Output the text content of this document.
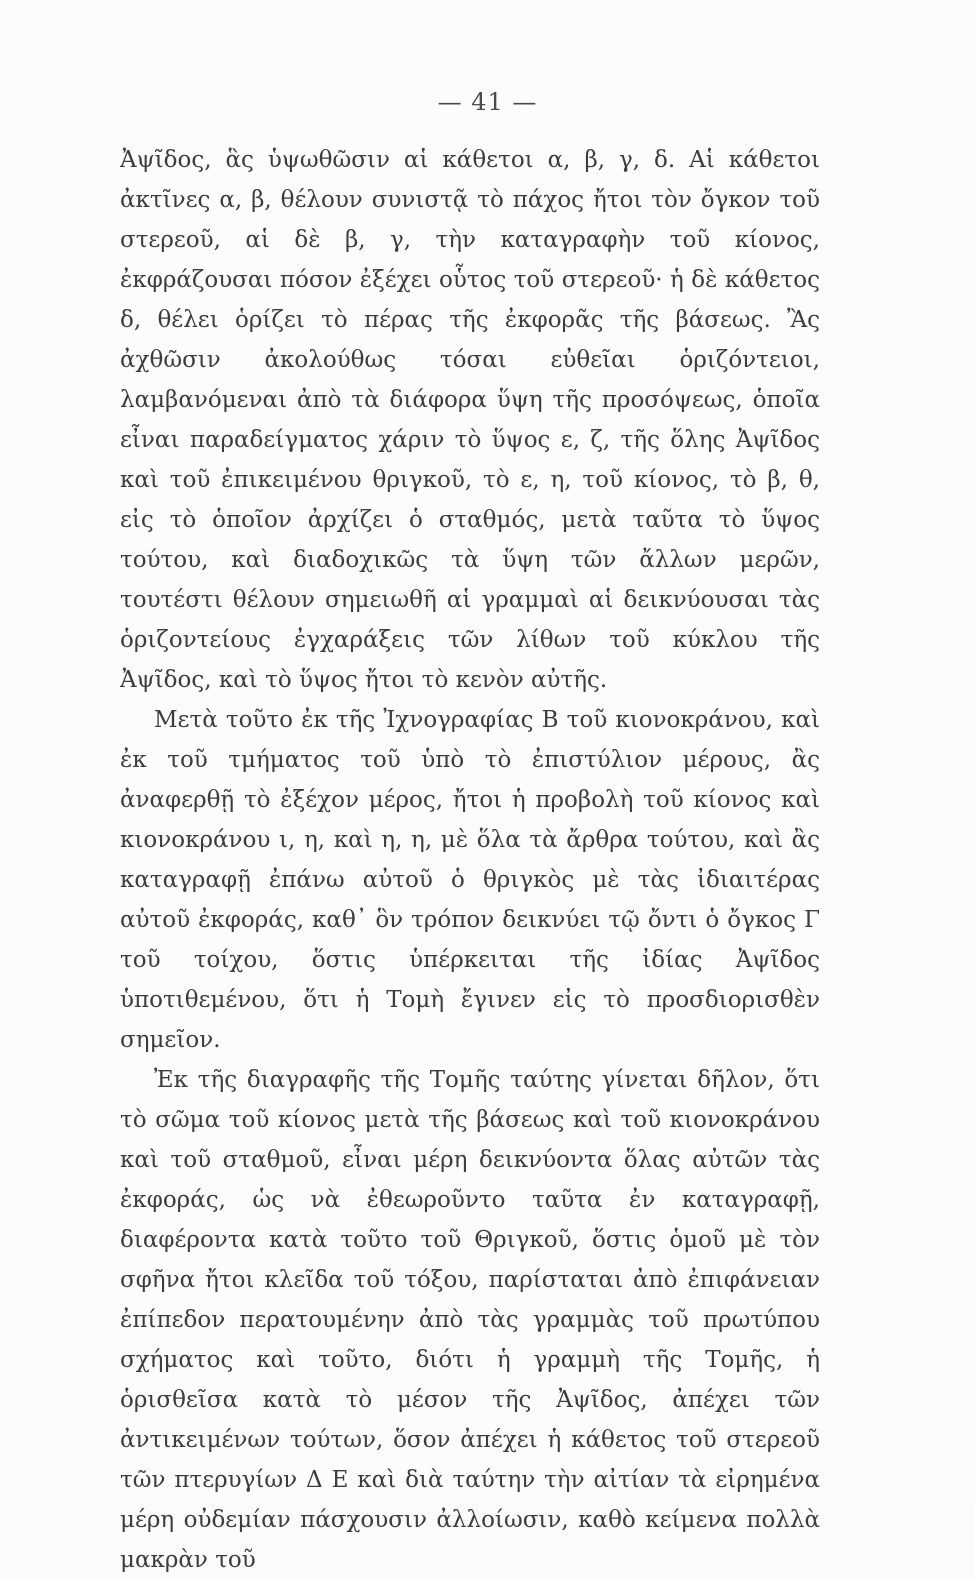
— 41 —

Ἀψῖδος, ἃς ὑψωθῶσιν αἱ κάθετοι α, β, γ, δ. Αἱ κάθετοι ἀκτῖνες α, β, θέλουν συνιστᾷ τὸ πάχος ἤτοι τὸν ὄγκον τοῦ στερεοῦ, αἱ δὲ β, γ, τὴν καταγραφὴν τοῦ κίονος, ἐκφράζουσαι πόσον ἐξέχει οὗτος τοῦ στερεοῦ· ἡ δὲ κάθετος δ, θέλει ὁρίζει τὸ πέρας τῆς ἐκφορᾶς τῆς βάσεως. Ἂς ἀχθῶσιν ἀκολούθως τόσαι εὐθεῖαι ὁριζόντειοι, λαμβανόμεναι ἀπὸ τὰ διάφορα ὕψη τῆς προσόψεως, ὁποῖα εἶναι παραδείγματος χάριν τὸ ὕψος ε, ζ, τῆς ὅλης Ἀψῖδος καὶ τοῦ ἐπικειμένου θριγκοῦ, τὸ ε, η, τοῦ κίονος, τὸ β, θ, εἰς τὸ ὁποῖον ἀρχίζει ὁ σταθμός, μετὰ ταῦτα τὸ ὕψος τούτου, καὶ διαδοχικῶς τὰ ὕψη τῶν ἄλλων μερῶν, τουτέστι θέλουν σημειωθῆ αἱ γραμμαὶ αἱ δεικνύουσαι τὰς ὁριζοντείους ἐγχαράξεις τῶν λίθων τοῦ κύκλου τῆς Ἀψῖδος, καὶ τὸ ὕψος ἤτοι τὸ κενὸν αὐτῆς.

Μετὰ τοῦτο ἐκ τῆς Ἰχνογραφίας Β τοῦ κιονοκράνου, καὶ ἐκ τοῦ τμήματος τοῦ ὑπὸ τὸ ἐπιστύλιον μέρους, ἂς ἀναφερθῇ τὸ ἐξέχον μέρος, ἤτοι ἡ προβολὴ τοῦ κίονος καὶ κιονοκράνου ι, η, καὶ η, η, μὲ ὅλα τὰ ἄρθρα τούτου, καὶ ἂς καταγραφῇ ἐπάνω αὐτοῦ ὁ θριγκὸς μὲ τὰς ἰδιαιτέρας αὐτοῦ ἐκφοράς, καθ᾽ ὃν τρόπον δεικνύει τῷ ὄντι ὁ ὄγκος Γ τοῦ τοίχου, ὅστις ὑπέρκειται τῆς ἰδίας Ἀψῖδος ὑποτιθεμένου, ὅτι ἡ Τομὴ ἔγινεν εἰς τὸ προσδιορισθὲν σημεῖον.

Ἐκ τῆς διαγραφῆς τῆς Τομῆς ταύτης γίνεται δῆλον, ὅτι τὸ σῶμα τοῦ κίονος μετὰ τῆς βάσεως καὶ τοῦ κιονοκράνου καὶ τοῦ σταθμοῦ, εἶναι μέρη δεικνύοντα ὅλας αὐτῶν τὰς ἐκφοράς, ὡς νὰ ἐθεωροῦντο ταῦτα ἐν καταγραφῇ, διαφέροντα κατὰ τοῦτο τοῦ Θριγκοῦ, ὅστις ὁμοῦ μὲ τὸν σφῆνα ἤτοι κλεῖδα τοῦ τόξου, παρίσταται ἀπὸ ἐπιφάνειαν ἐπίπεδον περατουμένην ἀπὸ τὰς γραμμὰς τοῦ πρωτύπου σχήματος καὶ τοῦτο, διότι ἡ γραμμὴ τῆς Τομῆς, ἡ ὁρισθεῖσα κατὰ τὸ μέσον τῆς Ἀψῖδος, ἀπέχει τῶν ἀντικειμένων τούτων, ὅσον ἀπέχει ἡ κάθετος τοῦ στερεοῦ τῶν πτερυγίων Δ Ε καὶ διὰ ταύτην τὴν αἰτίαν τὰ εἰρημένα μέρη οὐδεμίαν πάσχουσιν ἀλλοίωσιν, καθὸ κείμενα πολλὰ μακρὰν τοῦ
